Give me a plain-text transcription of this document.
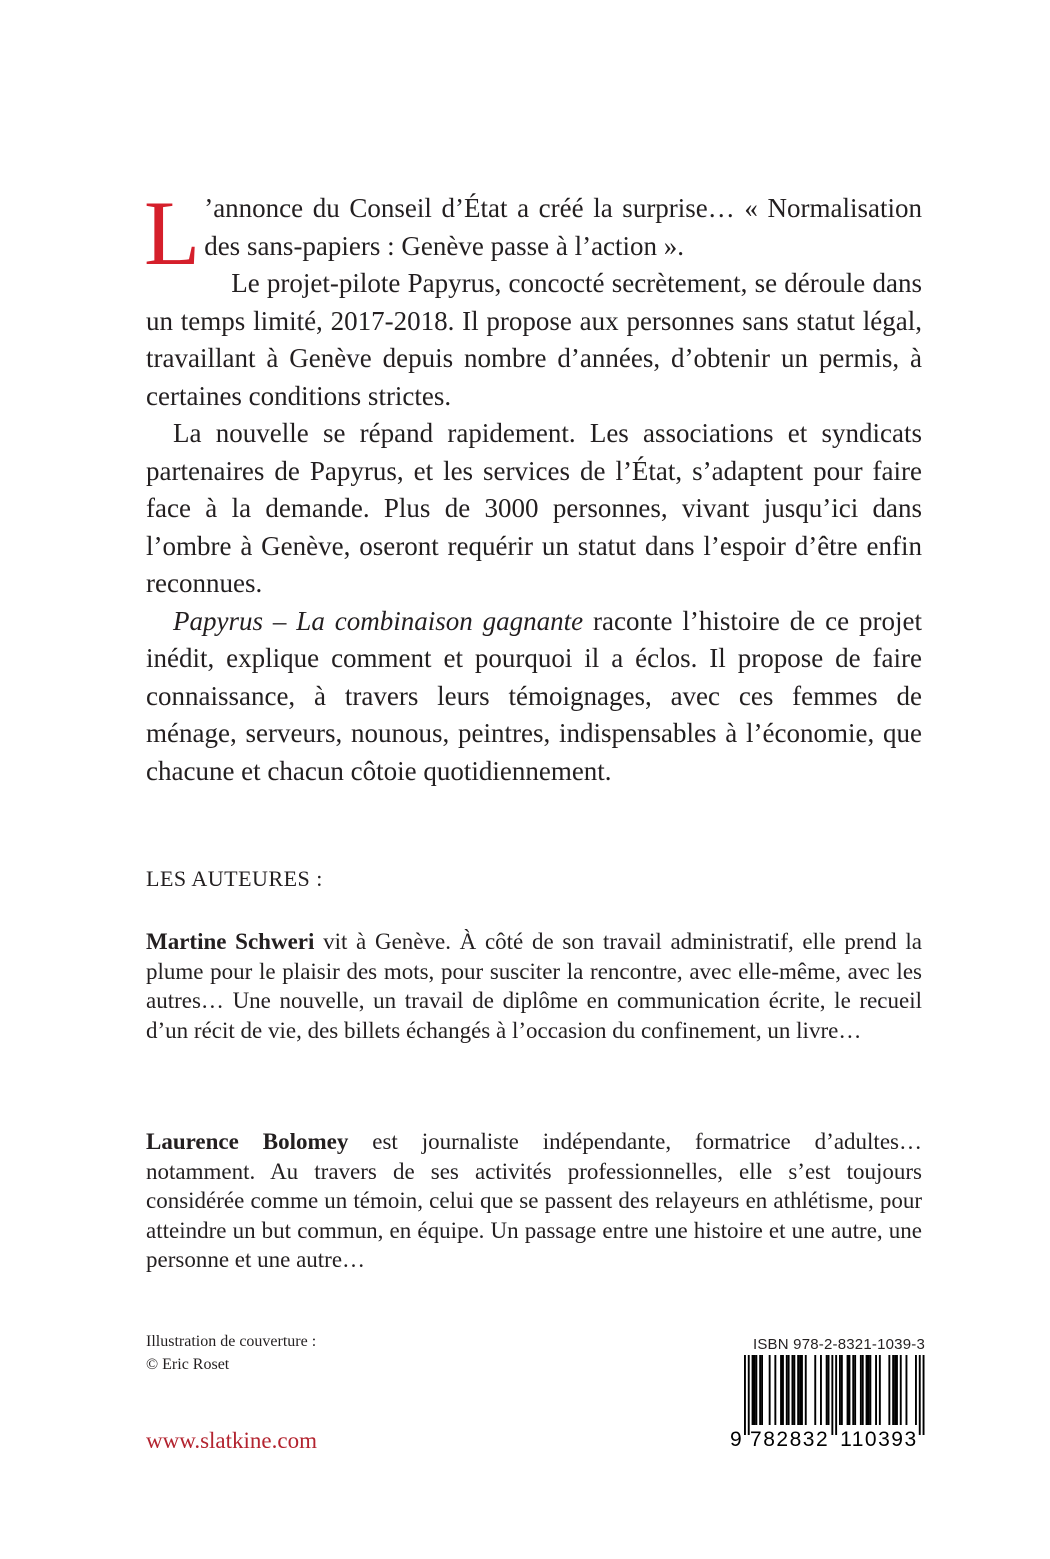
L ’annonce du Conseil d’État a créé la surprise… « Normalisation des sans-papiers : Genève passe à l’action ».

Le projet-pilote Papyrus, concocté secrètement, se déroule dans un temps limité, 2017-2018. Il propose aux personnes sans statut légal, travaillant à Genève depuis nombre d’années, d’obtenir un permis, à certaines conditions strictes.

La nouvelle se répand rapidement. Les associations et syndicats partenaires de Papyrus, et les services de l’État, s’adaptent pour faire face à la demande. Plus de 3000 personnes, vivant jusqu’ici dans l’ombre à Genève, oseront requérir un statut dans l’espoir d’être enfin reconnues.

Papyrus – La combinaison gagnante raconte l’histoire de ce projet inédit, explique comment et pourquoi il a éclos. Il propose de faire connaissance, à travers leurs témoignages, avec ces femmes de ménage, serveurs, nounous, peintres, indispensables à l’économie, que chacune et chacun côtoie quotidiennement.

LES AUTEURES :

Martine Schweri vit à Genève. À côté de son travail administratif, elle prend la plume pour le plaisir des mots, pour susciter la rencontre, avec elle-même, avec les autres… Une nouvelle, un travail de diplôme en communication écrite, le recueil d’un récit de vie, des billets échangés à l’occasion du confinement, un livre…

Laurence Bolomey est journaliste indépendante, formatrice d’adultes… notamment. Au travers de ses activités professionnelles, elle s’est toujours considérée comme un témoin, celui que se passent des relayeurs en athlétisme, pour atteindre un but commun, en équipe. Un passage entre une histoire et une autre, une personne et une autre…

Illustration de couverture :
© Eric Roset
www.slatkine.com
ISBN 978-2-8321-1039-3
9 782832 110393
